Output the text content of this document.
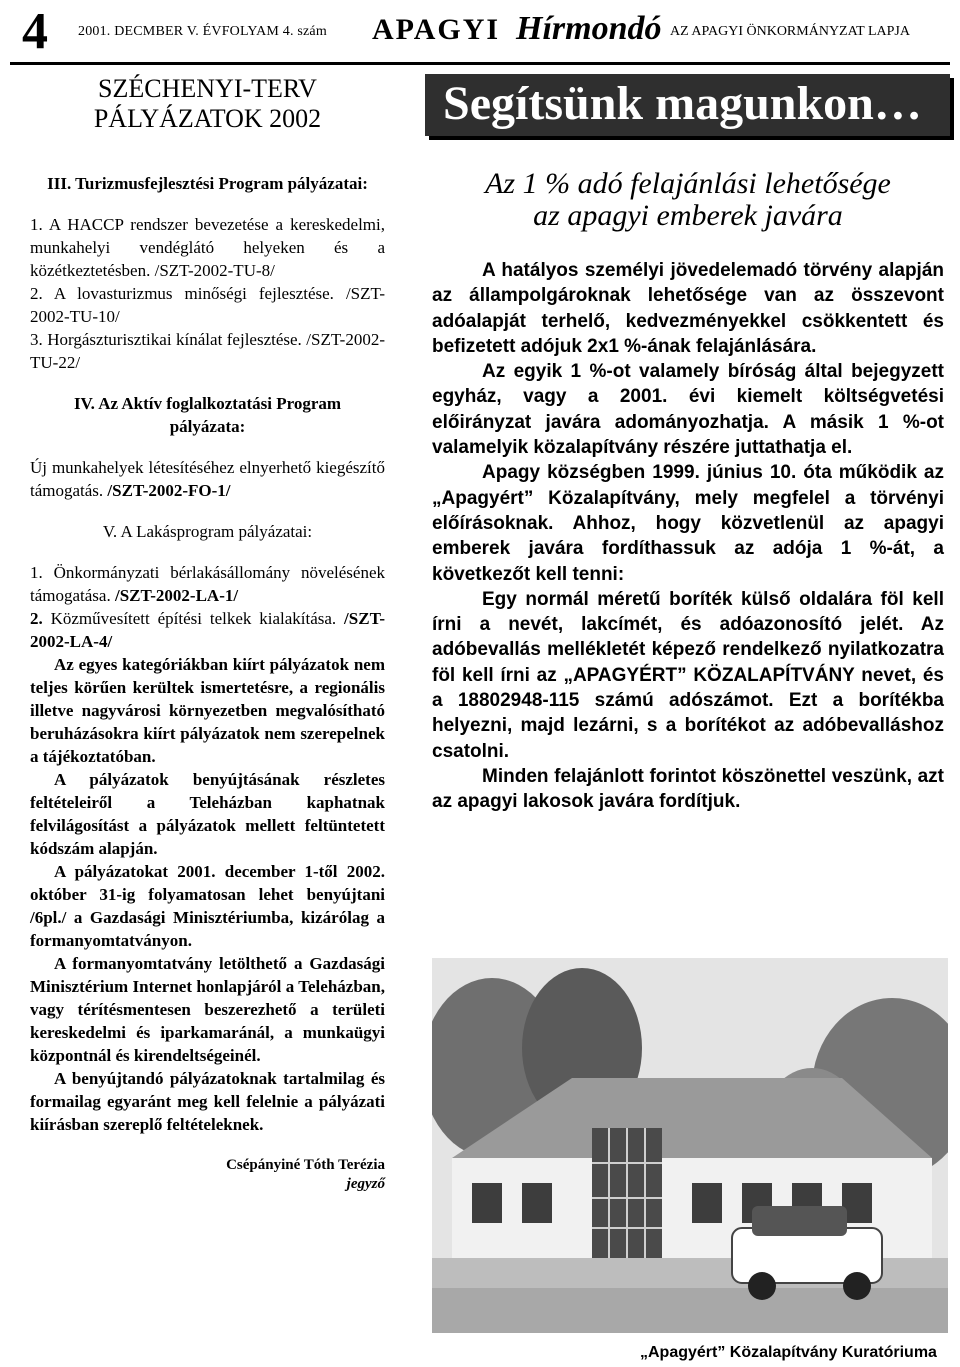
4 2001. DECMBER V. ÉVFOLYAM 4. szám APAGYI Hírmondó AZ APAGYI ÖNKORMÁNYZAT LAPJA
SZÉCHENYI-TERV
PÁLYÁZATOK 2002

III. Turizmusfejlesztési Program pályázatai:

1. A HACCP rendszer bevezetése a kereskedelmi, munkahelyi vendéglátó helyeken és a közétkeztetésben. /SZT-2002-TU-8/

2. A lovasturizmus minőségi fejlesztése. /SZT-2002-TU-10/

3. Horgászturisztikai kínálat fejlesztése. /SZT-2002-TU-22/

IV. Az Aktív foglalkoztatási Program pályázata:

Új munkahelyek létesítéséhez elnyerhető kiegészítő támogatás. /SZT-2002-FO-1/

V. A Lakásprogram pályázatai:

1. Önkormányzati bérlakásállomány növelésének támogatása. /SZT-2002-LA-1/

2. Közművesített építési telkek kialakítása. /SZT-2002-LA-4/

Az egyes kategóriákban kiírt pályázatok nem teljes körűen kerültek ismertetésre, a regionális illetve nagyvárosi környezetben megvalósítható beruházásokra kiírt pályázatok nem szerepelnek a tájékoztatóban.

A pályázatok benyújtásának részletes feltételeiről a Teleházban kaphatnak felvilágosítást a pályázatok mellett feltüntetett kódszám alapján.

A pályázatokat 2001. december 1-től 2002. október 31-ig folyamatosan lehet benyújtani /6pl./ a Gazdasági Minisztériumba, kizárólag a formanyomtatványon.

A formanyomtatvány letölthető a Gazdasági Minisztérium Internet honlapjáról a Teleházban, vagy térítésmentesen beszerezhető a területi kereskedelmi és iparkamaránál, a munkaügyi központnál és kirendeltségeinél.

A benyújtandó pályázatoknak tartalmilag és formailag egyaránt meg kell felelnie a pályázati kiírásban szereplő feltételeknek.

Csépányiné Tóth Terézia
jegyző
Segítsünk magunkon…
Az 1 % adó felajánlási lehetősége
az apagyi emberek javára

A hatályos személyi jövedelemadó törvény alapján az állampolgároknak lehetősége van az összevont adóalapját terhelő, kedvezményekkel csökkentett és befizetett adójuk 2x1 %-ának felajánlására.

Az egyik 1 %-ot valamely bíróság által bejegyzett egyház, vagy a 2001. évi kiemelt költségvetési előirányzat javára adományozhatja. A másik 1 %-ot valamelyik közalapítvány részére juttathatja el.

Apagy községben 1999. június 10. óta működik az „Apagyért” Közalapítvány, mely megfelel a törvényi előírásoknak. Ahhoz, hogy közvetlenül az apagyi emberek javára fordíthassuk az adója 1 %-át, a következőt kell tenni:

Egy normál méretű boríték külső oldalára föl kell írni a nevét, lakcímét, és adóazonosító jelét. Az adóbevallás mellékletét képező rendelkező nyilatkozatra föl kell írni az „APAGYÉRT” KÖZALAPÍTVÁNY nevet, és a 18802948-115 számú adószámot. Ezt a borítékba helyezni, majd lezárni, s a borítékot az adóbevalláshoz csatolni.

Minden felajánlott forintot köszönettel veszünk, azt az apagyi lakosok javára fordítjuk.

„Apagyért” Közalapítvány Kuratóriuma
